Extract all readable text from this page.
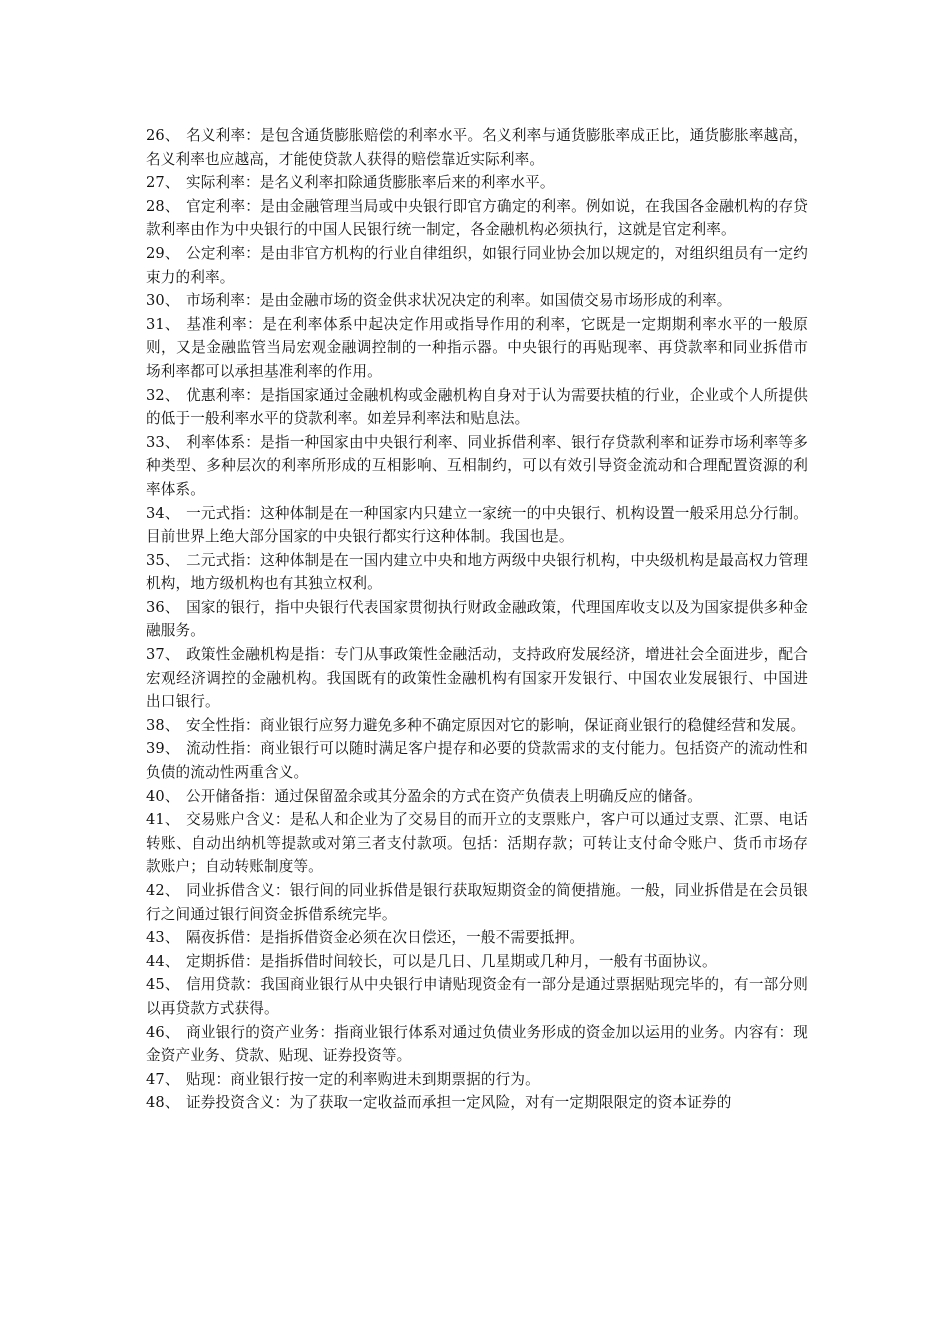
26、 名义利率：是包含通货膨胀赔偿的利率水平。名义利率与通货膨胀率成正比，通货膨胀率越高，名义利率也应越高，才能使贷款人获得的赔偿靠近实际利率。

27、 实际利率：是名义利率扣除通货膨胀率后来的利率水平。

28、 官定利率：是由金融管理当局或中央银行即官方确定的利率。例如说，在我国各金融机构的存贷款利率由作为中央银行的中国人民银行统一制定，各金融机构必须执行，这就是官定利率。

29、 公定利率：是由非官方机构的行业自律组织，如银行同业协会加以规定的，对组织组员有一定约束力的利率。

30、 市场利率：是由金融市场的资金供求状况决定的利率。如国债交易市场形成的利率。

31、 基准利率：是在利率体系中起决定作用或指导作用的利率，它既是一定期期利率水平的一般原则，又是金融监管当局宏观金融调控制的一种指示器。中央银行的再贴现率、再贷款率和同业拆借市场利率都可以承担基准利率的作用。

32、 优惠利率：是指国家通过金融机构或金融机构自身对于认为需要扶植的行业，企业或个人所提供的低于一般利率水平的贷款利率。如差异利率法和贴息法。

33、 利率体系：是指一种国家由中央银行利率、同业拆借利率、银行存贷款利率和证券市场利率等多种类型、多种层次的利率所形成的互相影响、互相制约，可以有效引导资金流动和合理配置资源的利率体系。

34、 一元式指：这种体制是在一种国家内只建立一家统一的中央银行、机构设置一般采用总分行制。目前世界上绝大部分国家的中央银行都实行这种体制。我国也是。

35、 二元式指：这种体制是在一国内建立中央和地方两级中央银行机构，中央级机构是最高权力管理机构，地方级机构也有其独立权利。

36、 国家的银行，指中央银行代表国家贯彻执行财政金融政策，代理国库收支以及为国家提供多种金融服务。

37、 政策性金融机构是指：专门从事政策性金融活动，支持政府发展经济，增进社会全面进步，配合宏观经济调控的金融机构。我国既有的政策性金融机构有国家开发银行、中国农业发展银行、中国进出口银行。

38、 安全性指：商业银行应努力避免多种不确定原因对它的影响，保证商业银行的稳健经营和发展。

39、 流动性指：商业银行可以随时满足客户提存和必要的贷款需求的支付能力。包括资产的流动性和负债的流动性两重含义。

40、 公开储备指：通过保留盈余或其分盈余的方式在资产负债表上明确反应的储备。

41、 交易账户含义：是私人和企业为了交易目的而开立的支票账户，客户可以通过支票、汇票、电话转账、自动出纳机等提款或对第三者支付款项。包括：活期存款；可转让支付命令账户、货币市场存款账户；自动转账制度等。

42、 同业拆借含义：银行间的同业拆借是银行获取短期资金的简便措施。一般，同业拆借是在会员银行之间通过银行间资金拆借系统完毕。

43、 隔夜拆借：是指拆借资金必须在次日偿还，一般不需要抵押。

44、 定期拆借：是指拆借时间较长，可以是几日、几星期或几种月，一般有书面协议。

45、 信用贷款：我国商业银行从中央银行申请贴现资金有一部分是通过票据贴现完毕的，有一部分则以再贷款方式获得。

46、 商业银行的资产业务：指商业银行体系对通过负债业务形成的资金加以运用的业务。内容有：现金资产业务、贷款、贴现、证券投资等。

47、 贴现：商业银行按一定的利率购进未到期票据的行为。

48、 证券投资含义：为了获取一定收益而承担一定风险，对有一定期限限定的资本证券的
